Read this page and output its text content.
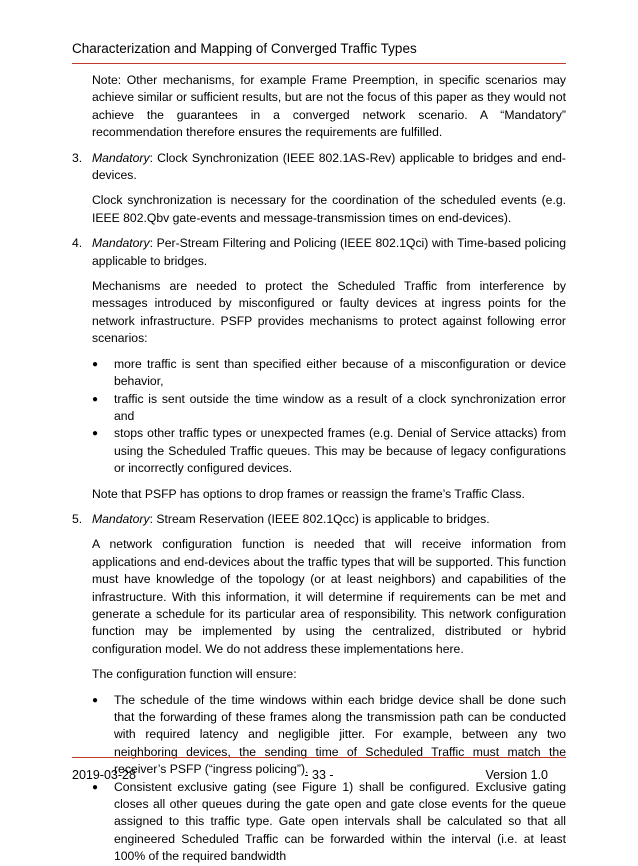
Characterization and Mapping of Converged Traffic Types

Note: Other mechanisms, for example Frame Preemption, in specific scenarios may achieve similar or sufficient results, but are not the focus of this paper as they would not achieve the guarantees in a converged network scenario. A “Mandatory” recommendation therefore ensures the requirements are fulfilled.

3. Mandatory: Clock Synchronization (IEEE 802.1AS-Rev) applicable to bridges and end-devices.

Clock synchronization is necessary for the coordination of the scheduled events (e.g. IEEE 802.Qbv gate-events and message-transmission times on end-devices).

4. Mandatory: Per-Stream Filtering and Policing (IEEE 802.1Qci) with Time-based policing applicable to bridges.

Mechanisms are needed to protect the Scheduled Traffic from interference by messages introduced by misconfigured or faulty devices at ingress points for the network infrastructure. PSFP provides mechanisms to protect against following error scenarios:

●	more traffic is sent than specified either because of a misconfiguration or device behavior,
●	traffic is sent outside the time window as a result of a clock synchronization error and
●	stops other traffic types or unexpected frames (e.g. Denial of Service attacks) from using the Scheduled Traffic queues. This may be because of legacy configurations or incorrectly configured devices.

Note that PSFP has options to drop frames or reassign the frame’s Traffic Class.

5. Mandatory: Stream Reservation (IEEE 802.1Qcc) is applicable to bridges.

A network configuration function is needed that will receive information from applications and end-devices about the traffic types that will be supported. This function must have knowledge of the topology (or at least neighbors) and capabilities of the infrastructure. With this information, it will determine if requirements can be met and generate a schedule for its particular area of responsibility. This network configuration function may be implemented by using the centralized, distributed or hybrid configuration model. We do not address these implementations here.

The configuration function will ensure:

●	The schedule of the time windows within each bridge device shall be done such that the forwarding of these frames along the transmission path can be conducted with required latency and negligible jitter. For example, between any two neighboring devices, the sending time of Scheduled Traffic must match the receiver’s PSFP (“ingress policing”).
●	Consistent exclusive gating (see Figure 1) shall be configured. Exclusive gating closes all other queues during the gate open and gate close events for the queue assigned to this traffic type. Gate open intervals shall be calculated so that all engineered Scheduled Traffic can be forwarded within the interval (i.e. at least 100% of the required bandwidth
2019-03-28	- 33 -	Version 1.0
